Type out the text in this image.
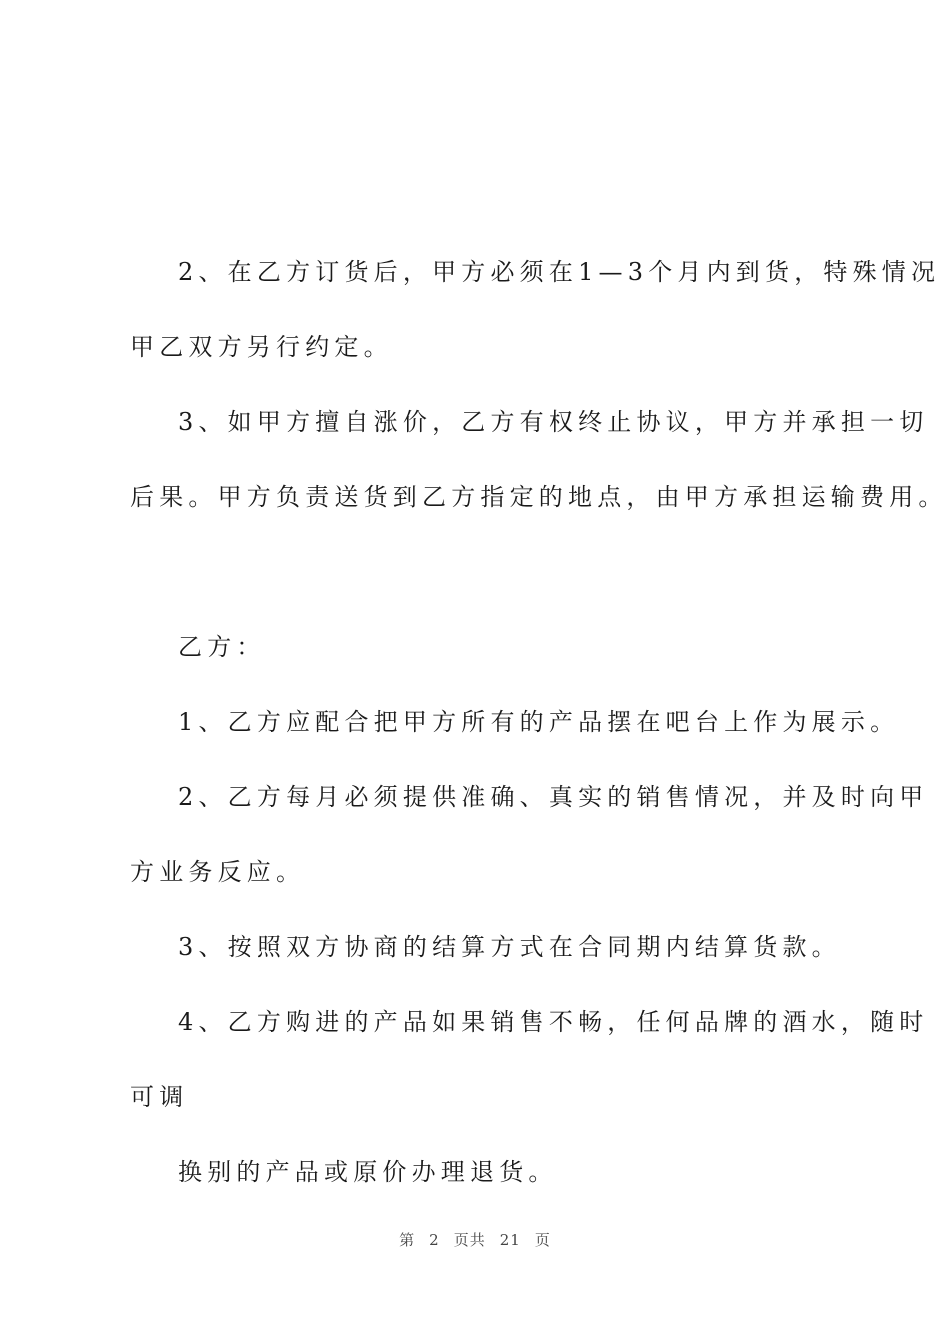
2、在乙方订货后，甲方必须在1—3个月内到货，特殊情况
甲乙双方另行约定。
3、如甲方擅自涨价，乙方有权终止协议，甲方并承担一切
后果。甲方负责送货到乙方指定的地点，由甲方承担运输费用。
乙方：
1、乙方应配合把甲方所有的产品摆在吧台上作为展示。
2、乙方每月必须提供准确、真实的销售情况，并及时向甲
方业务反应。
3、按照双方协商的结算方式在合同期内结算货款。
4、乙方购进的产品如果销售不畅，任何品牌的酒水，随时
可调
换别的产品或原价办理退货。
第 2 页共 21 页
